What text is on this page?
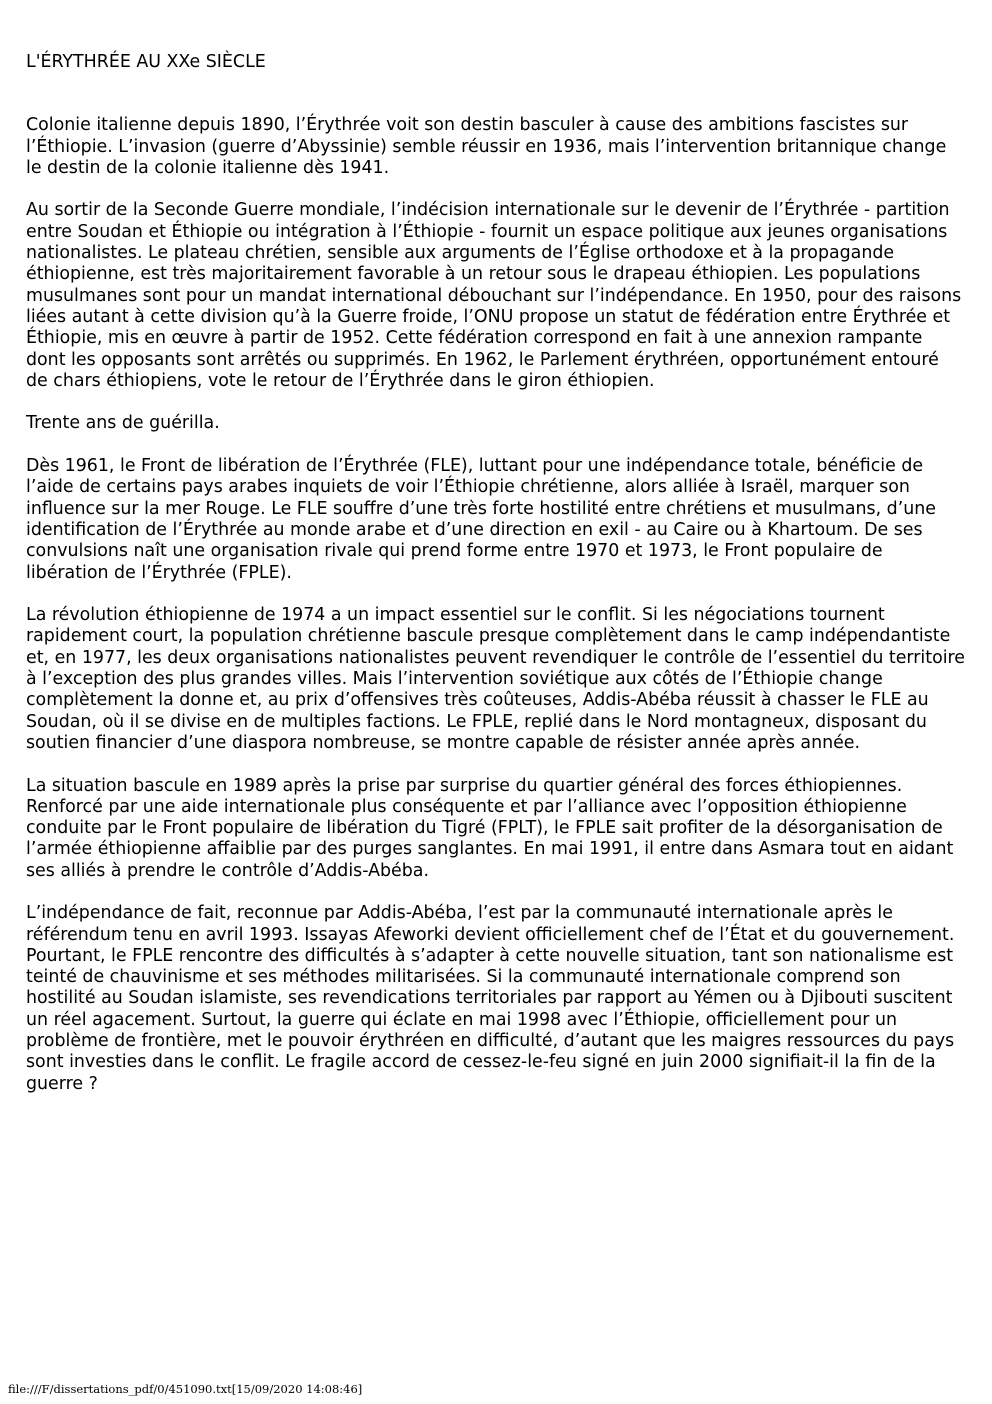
L'ÉRYTHRÉE AU XXe SIÈCLE

Colonie italienne depuis 1890, l’Érythrée voit son destin basculer à cause des ambitions fascistes sur l’Éthiopie. L’invasion (guerre d’Abyssinie) semble réussir en 1936, mais l’intervention britannique change le destin de la colonie italienne dès 1941.

Au sortir de la Seconde Guerre mondiale, l’indécision internationale sur le devenir de l’Érythrée - partition entre Soudan et Éthiopie ou intégration à l’Éthiopie - fournit un espace politique aux jeunes organisations nationalistes. Le plateau chrétien, sensible aux arguments de l’Église orthodoxe et à la propagande éthiopienne, est très majoritairement favorable à un retour sous le drapeau éthiopien. Les populations musulmanes sont pour un mandat international débouchant sur l’indépendance. En 1950, pour des raisons liées autant à cette division qu’à la Guerre froide, l’ONU propose un statut de fédération entre Érythrée et Éthiopie, mis en œuvre à partir de 1952. Cette fédération correspond en fait à une annexion rampante dont les opposants sont arrêtés ou supprimés. En 1962, le Parlement érythréen, opportunément entouré de chars éthiopiens, vote le retour de l’Érythrée dans le giron éthiopien.

Trente ans de guérilla.

Dès 1961, le Front de libération de l’Érythrée (FLE), luttant pour une indépendance totale, bénéficie de l’aide de certains pays arabes inquiets de voir l’Éthiopie chrétienne, alors alliée à Israël, marquer son influence sur la mer Rouge. Le FLE souffre d’une très forte hostilité entre chrétiens et musulmans, d’une identification de l’Érythrée au monde arabe et d’une direction en exil - au Caire ou à Khartoum. De ses convulsions naît une organisation rivale qui prend forme entre 1970 et 1973, le Front populaire de libération de l’Érythrée (FPLE).

La révolution éthiopienne de 1974 a un impact essentiel sur le conflit. Si les négociations tournent rapidement court, la population chrétienne bascule presque complètement dans le camp indépendantiste et, en 1977, les deux organisations nationalistes peuvent revendiquer le contrôle de l’essentiel du territoire à l’exception des plus grandes villes. Mais l’intervention soviétique aux côtés de l’Éthiopie change complètement la donne et, au prix d’offensives très coûteuses, Addis-Abéba réussit à chasser le FLE au Soudan, où il se divise en de multiples factions. Le FPLE, replié dans le Nord montagneux, disposant du soutien financier d’une diaspora nombreuse, se montre capable de résister année après année.

La situation bascule en 1989 après la prise par surprise du quartier général des forces éthiopiennes. Renforcé par une aide internationale plus conséquente et par l’alliance avec l’opposition éthiopienne conduite par le Front populaire de libération du Tigré (FPLT), le FPLE sait profiter de la désorganisation de l’armée éthiopienne affaiblie par des purges sanglantes. En mai 1991, il entre dans Asmara tout en aidant ses alliés à prendre le contrôle d’Addis-Abéba.

L’indépendance de fait, reconnue par Addis-Abéba, l’est par la communauté internationale après le référendum tenu en avril 1993. Issayas Afeworki devient officiellement chef de l’État et du gouvernement. Pourtant, le FPLE rencontre des difficultés à s’adapter à cette nouvelle situation, tant son nationalisme est teinté de chauvinisme et ses méthodes militarisées. Si la communauté internationale comprend son hostilité au Soudan islamiste, ses revendications territoriales par rapport au Yémen ou à Djibouti suscitent un réel agacement. Surtout, la guerre qui éclate en mai 1998 avec l’Éthiopie, officiellement pour un problème de frontière, met le pouvoir érythréen en difficulté, d’autant que les maigres ressources du pays sont investies dans le conflit. Le fragile accord de cessez-le-feu signé en juin 2000 signifiait-il la fin de la guerre ?

file:///F/dissertations_pdf/0/451090.txt[15/09/2020 14:08:46]
